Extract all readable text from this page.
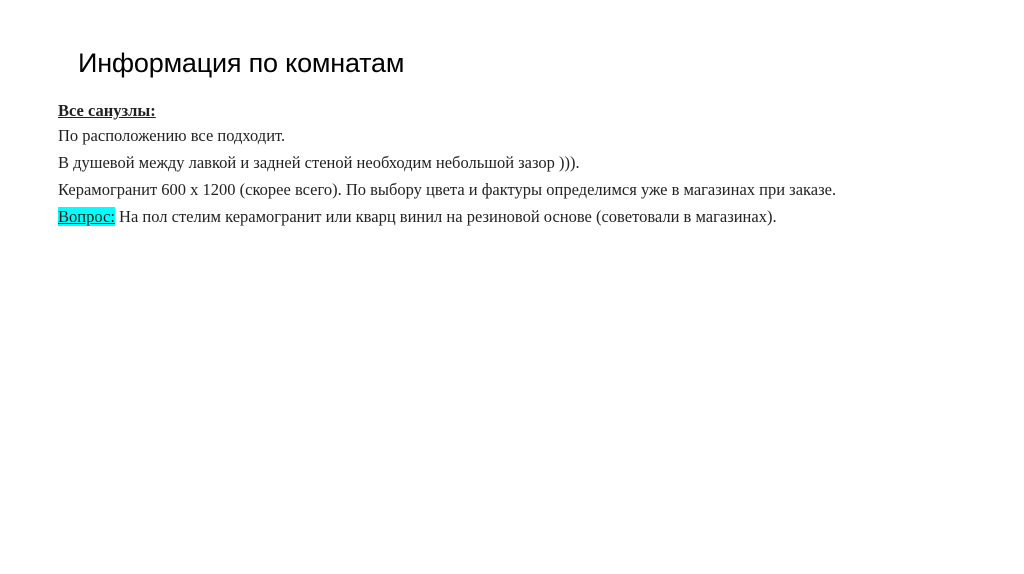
Информация по комнатам

Все санузлы:

По расположению все подходит.

В душевой между лавкой и задней стеной необходим небольшой зазор ))).

Керамогранит 600 х 1200 (скорее всего). По выбору цвета и фактуры определимся уже в магазинах при заказе.

Вопрос: На пол стелим керамогранит или кварц винил на резиновой основе (советовали в магазинах).
